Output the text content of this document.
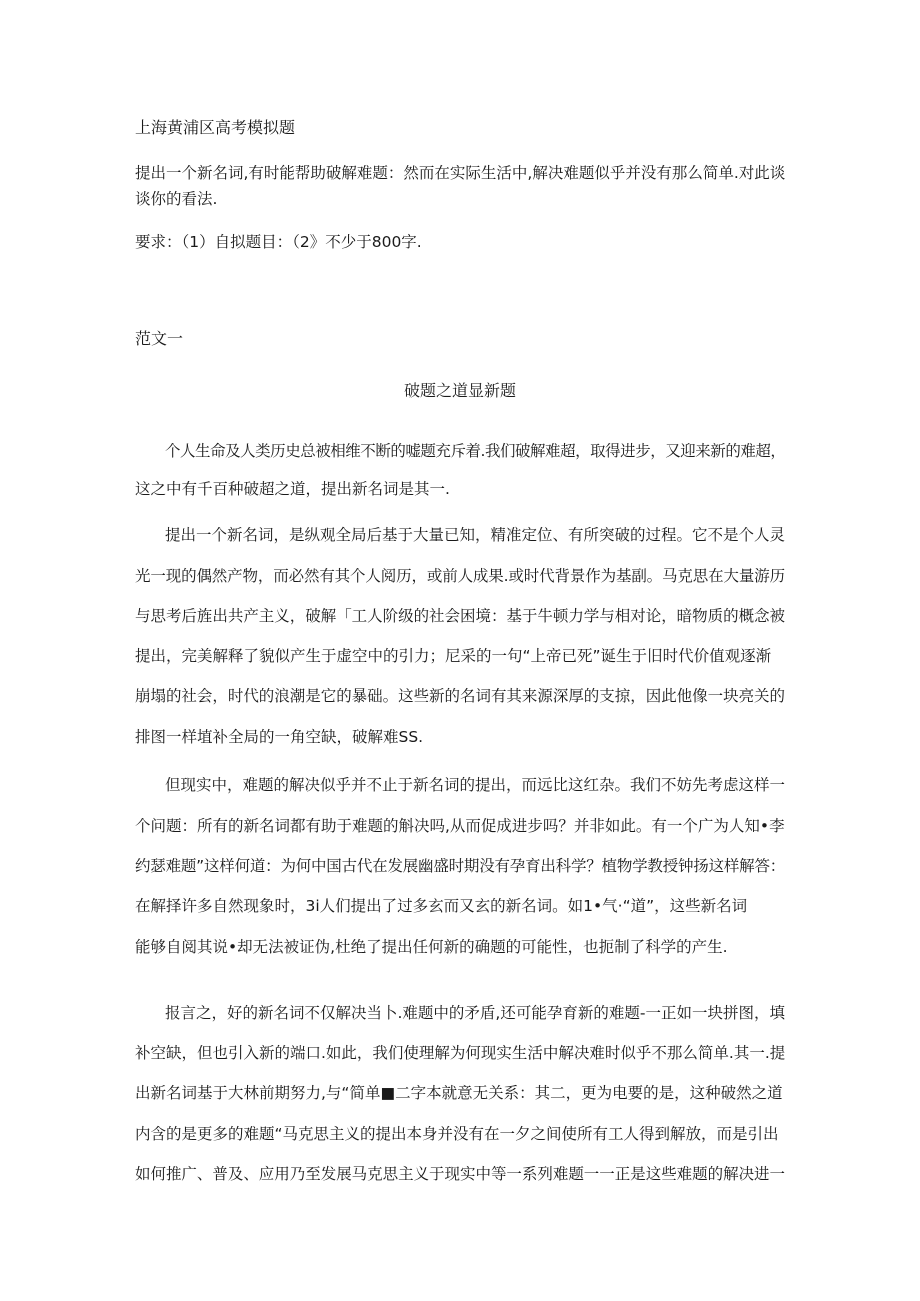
上海黄浦区高考模拟题
提出一个新名词,有时能帮助破解难题：然而在实际生活中,解决难题似乎并没有那么简单.对此谈
谈你的看法.
要求：（1）自拟题目：（2》不少于800字.
范文一
破题之道显新题
个人生命及人类历史总被相维不断的嘘题充斥着.我们破解难超，取得进步，又迎来新的难超，
这之中有千百种破超之道，提出新名词是其一.
提出一个新名词，是纵观全局后基于大量已知，精准定位、有所突破的过程。它不是个人灵
光一现的偶然产物，而必然有其个人阅历，或前人成果.或时代背景作为基副。马克思在大量游历
与思考后旌出共产主义，破解「工人阶级的社会困境：基于牛顿力学与相对论，暗物质的概念被
提出，完美解释了貌似产生于虚空中的引力；尼采的一句“上帝已死”诞生于旧时代价值观逐渐
崩塌的社会，时代的浪潮是它的暴础。这些新的名词有其来源深厚的支掠，因此他像一块亮关的
排图一样埴补全局的一角空缺，破解难SS.
但现实中，难题的解决似乎并不止于新名词的提出，而远比这红杂。我们不妨先考虑这样一
个问题：所有的新名词都有助于难题的斛决吗,从而促成进步吗？并非如此。有一个广为人知•李
约瑟难题”这样何道：为何中国古代在发展幽盛时期没有孕育出科学？植物学教授钟扬这样解答：
在解择许多自然现象时，3i人们提出了过多玄而又玄的新名词。如1•气·“道”，这些新名词
能够自阅其说•却无法被证伪,杜绝了提出任何新的确题的可能性，也扼制了科学的产生.
报言之，好的新名词不仅解决当卜.难题中的矛盾,还可能孕育新的难题-一正如一块拼图，填
补空缺，但也引入新的端口.如此，我们使理解为何现实生活中解决难时似乎不那么简单.其一.提
出新名词基于大林前期努力,与“简单■二字本就意无关系：其二，更为电要的是，这种破然之道
内含的是更多的难题“马克思主义的提出本身并没有在一夕之间使所有工人得到解放，而是引出
如何推广、普及、应用乃至发展马克思主义于现实中等一系列难题一一正是这些难题的解决进一
